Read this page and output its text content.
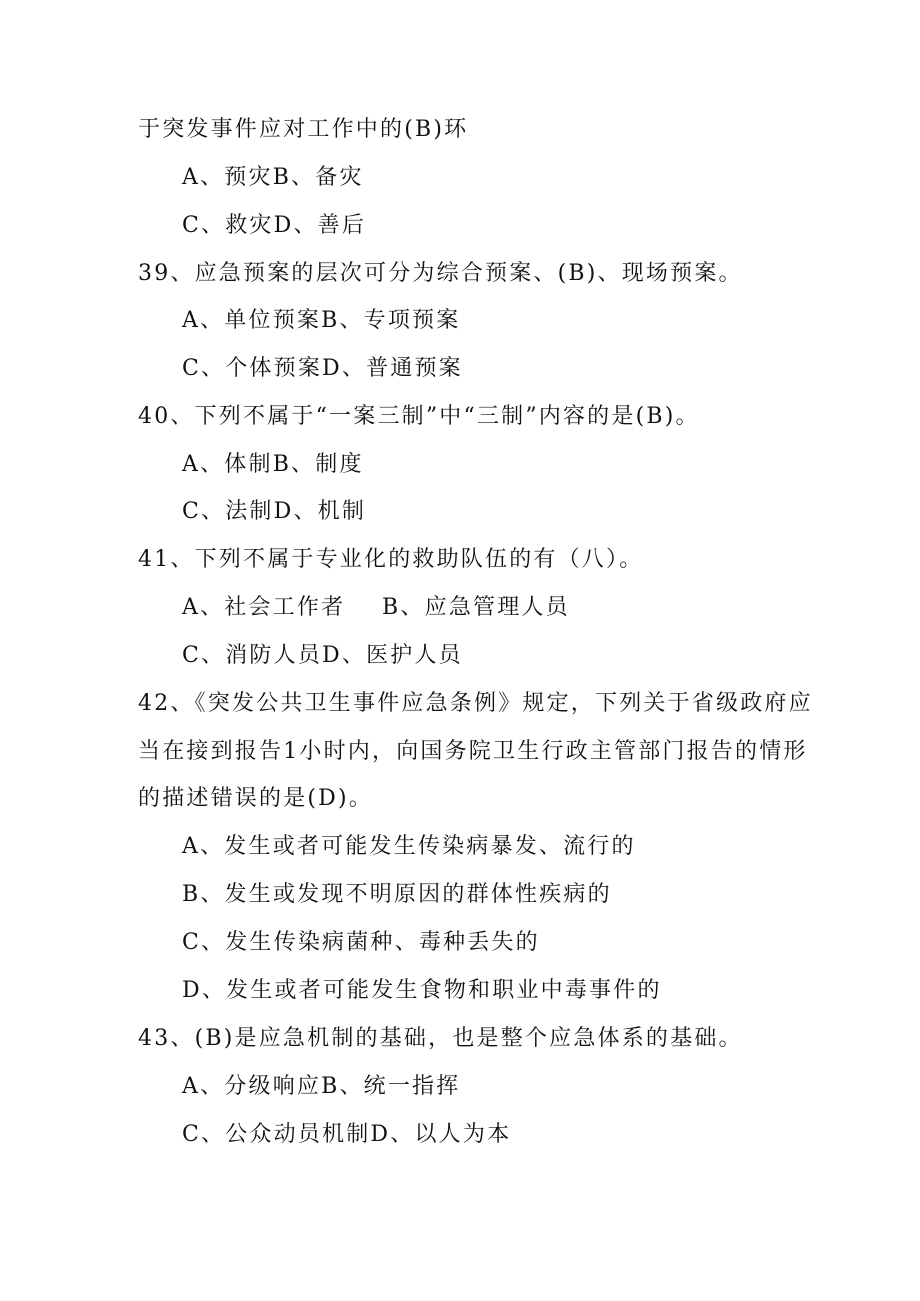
于突发事件应对工作中的(B)环
A、预灾B、备灾
C、救灾D、善后
39、应急预案的层次可分为综合预案、(B)、现场预案。
A、单位预案B、专项预案
C、个体预案D、普通预案
40、下列不属于“一案三制”中“三制”内容的是(B)。
A、体制B、制度
C、法制D、机制
41、下列不属于专业化的救助队伍的有（八）。
A、社会工作者    B、应急管理人员
C、消防人员D、医护人员
42、《突发公共卫生事件应急条例》规定，下列关于省级政府应
当在接到报告1小时内，向国务院卫生行政主管部门报告的情形
的描述错误的是(D)。
A、发生或者可能发生传染病暴发、流行的
B、发生或发现不明原因的群体性疾病的
C、发生传染病菌种、毒种丢失的
D、发生或者可能发生食物和职业中毒事件的
43、(B)是应急机制的基础，也是整个应急体系的基础。
A、分级响应B、统一指挥
C、公众动员机制D、以人为本
